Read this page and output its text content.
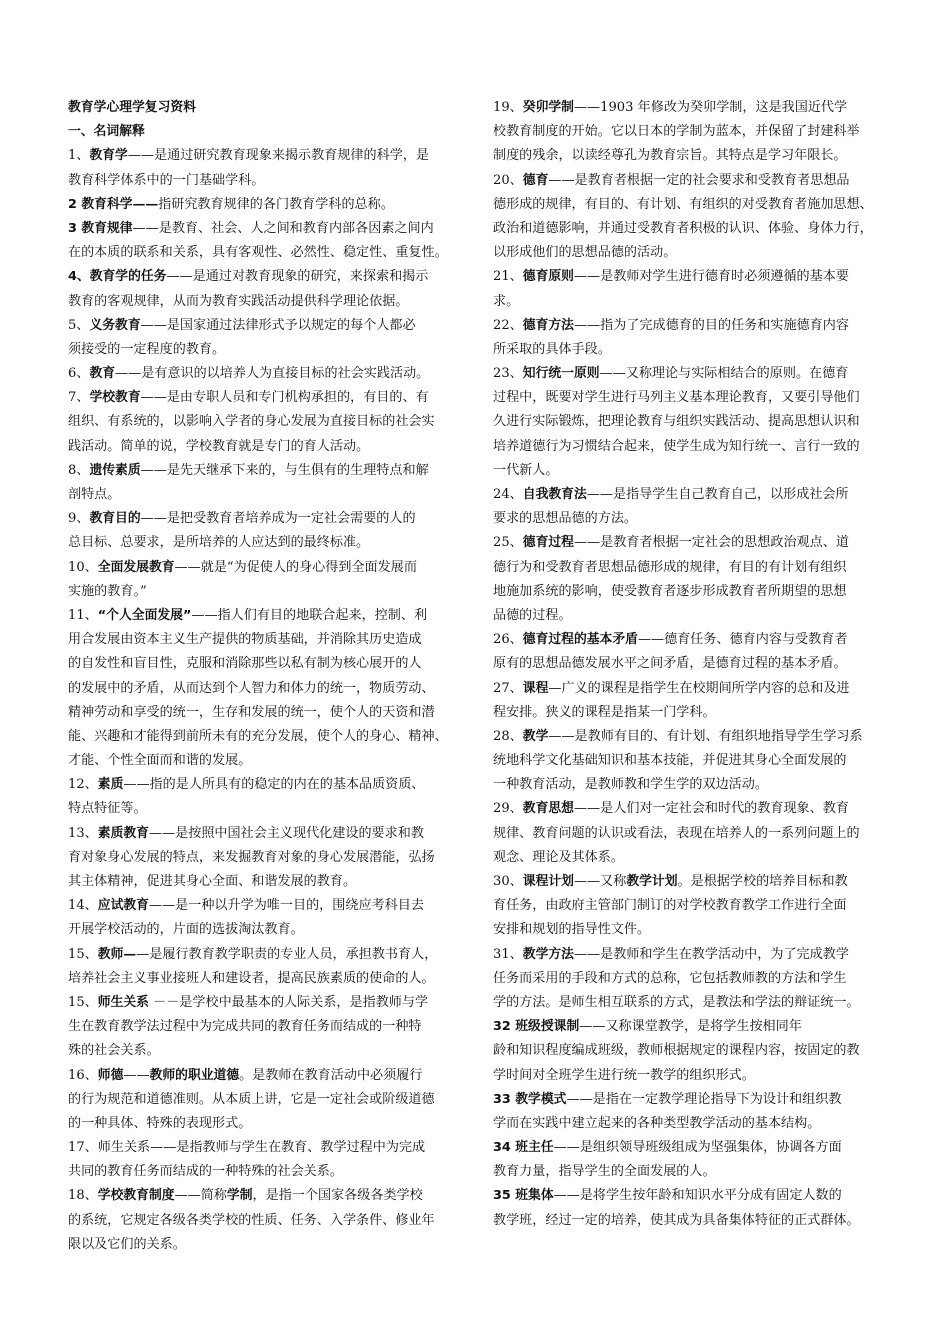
教育学心理学复习资料
一、名词解释
1、教育学——是通过研究教育现象来揭示教育规律的科学，是
教育科学体系中的一门基础学科。
2 教育科学——指研究教育规律的各门教育学科的总称。
3 教育规律——是教育、社会、人之间和教育内部各因素之间内
在的本质的联系和关系，具有客观性、必然性、稳定性、重复性。
4、教育学的任务——是通过对教育现象的研究，来探索和揭示
教育的客观规律，从而为教育实践活动提供科学理论依据。
5、义务教育——是国家通过法律形式予以规定的每个人都必
须接受的一定程度的教育。
6、教育——是有意识的以培养人为直接目标的社会实践活动。
7、学校教育——是由专职人员和专门机构承担的，有目的、有
组织、有系统的，以影响入学者的身心发展为直接目标的社会实
践活动。简单的说，学校教育就是专门的育人活动。
8、遗传素质——是先天继承下来的，与生俱有的生理特点和解
剖特点。
9、教育目的——是把受教育者培养成为一定社会需要的人的
总目标、总要求，是所培养的人应达到的最终标准。
10、全面发展教育——就是“为促使人的身心得到全面发展而
实施的教育。”
11、“个人全面发展”——指人们有目的地联合起来，控制、利
用合发展由资本主义生产提供的物质基础，并消除其历史造成
的自发性和盲目性，克服和消除那些以私有制为核心展开的人
的发展中的矛盾，从而达到个人智力和体力的统一，物质劳动、
精神劳动和享受的统一，生存和发展的统一，使个人的天资和潜
能、兴趣和才能得到前所未有的充分发展，使个人的身心、精神、
才能、个性全面而和谐的发展。
12、素质——指的是人所具有的稳定的内在的基本品质资质、
特点特征等。
13、素质教育——是按照中国社会主义现代化建设的要求和教
育对象身心发展的特点，来发掘教育对象的身心发展潜能，弘扬
其主体精神，促进其身心全面、和谐发展的教育。
14、应试教育——是一种以升学为唯一目的，围绕应考科目去
开展学校活动的，片面的选拔淘汰教育。
15、教师——是履行教育教学职责的专业人员，承担教书育人，
培养社会主义事业接班人和建设者，提高民族素质的使命的人。
15、师生关系 －－是学校中最基本的人际关系，是指教师与学
生在教育教学法过程中为完成共同的教育任务而结成的一种特
殊的社会关系。
16、师德——教师的职业道德。是教师在教育活动中必须履行
的行为规范和道德准则。从本质上讲，它是一定社会或阶级道德
的一种具体、特殊的表现形式。
17、师生关系——是指教师与学生在教育、教学过程中为完成
共同的教育任务而结成的一种特殊的社会关系。
18、学校教育制度——简称学制，是指一个国家各级各类学校
的系统，它规定各级各类学校的性质、任务、入学条件、修业年
限以及它们的关系。
19、癸卯学制——1903 年修改为癸卯学制，这是我国近代学
校教育制度的开始。它以日本的学制为蓝本，并保留了封建科举
制度的残余，以读经尊孔为教育宗旨。其特点是学习年限长。
20、德育——是教育者根据一定的社会要求和受教育者思想品
德形成的规律，有目的、有计划、有组织的对受教育者施加思想、
政治和道德影响，并通过受教育者积极的认识、体验、身体力行，
以形成他们的思想品德的活动。
21、德育原则——是教师对学生进行德育时必须遵循的基本要
求。
22、德育方法——指为了完成德育的目的任务和实施德育内容
所采取的具体手段。
23、知行统一原则——又称理论与实际相结合的原则。在德育
过程中，既要对学生进行马列主义基本理论教育，又要引导他们
久进行实际锻炼，把理论教育与组织实践活动、提高思想认识和
培养道德行为习惯结合起来，使学生成为知行统一、言行一致的
一代新人。
24、自我教育法——是指导学生自己教育自己，以形成社会所
要求的思想品德的方法。
25、德育过程——是教育者根据一定社会的思想政治观点、道
德行为和受教育者思想品德形成的规律，有目的有计划有组织
地施加系统的影响，使受教育者逐步形成教育者所期望的思想
品德的过程。
26、德育过程的基本矛盾——德育任务、德育内容与受教育者
原有的思想品德发展水平之间矛盾，是德育过程的基本矛盾。
27、课程—广义的课程是指学生在校期间所学内容的总和及进
程安排。狭义的课程是指某一门学科。
28、教学——是教师有目的、有计划、有组织地指导学生学习系
统地科学文化基础知识和基本技能，并促进其身心全面发展的
一种教育活动，是教师教和学生学的双边活动。
29、教育思想——是人们对一定社会和时代的教育现象、教育
规律、教育问题的认识或看法，表现在培养人的一系列问题上的
观念、理论及其体系。
30、课程计划——又称教学计划。是根据学校的培养目标和教
育任务，由政府主管部门制订的对学校教育教学工作进行全面
安排和规划的指导性文件。
31、教学方法——是教师和学生在教学活动中，为了完成教学
任务而采用的手段和方式的总称，它包括教师教的方法和学生
学的方法。是师生相互联系的方式，是教法和学法的辩证统一。
32 班级授课制——又称课堂教学，是将学生按相同年
龄和知识程度编成班级，教师根据规定的课程内容，按固定的教
学时间对全班学生进行统一教学的组织形式。
33 教学模式——是指在一定教学理论指导下为设计和组织教
学而在实践中建立起来的各种类型教学活动的基本结构。
34 班主任——是组织领导班级组成为坚强集体，协调各方面
教育力量，指导学生的全面发展的人。
35 班集体——是将学生按年龄和知识水平分成有固定人数的
教学班，经过一定的培养，使其成为具备集体特征的正式群体。
